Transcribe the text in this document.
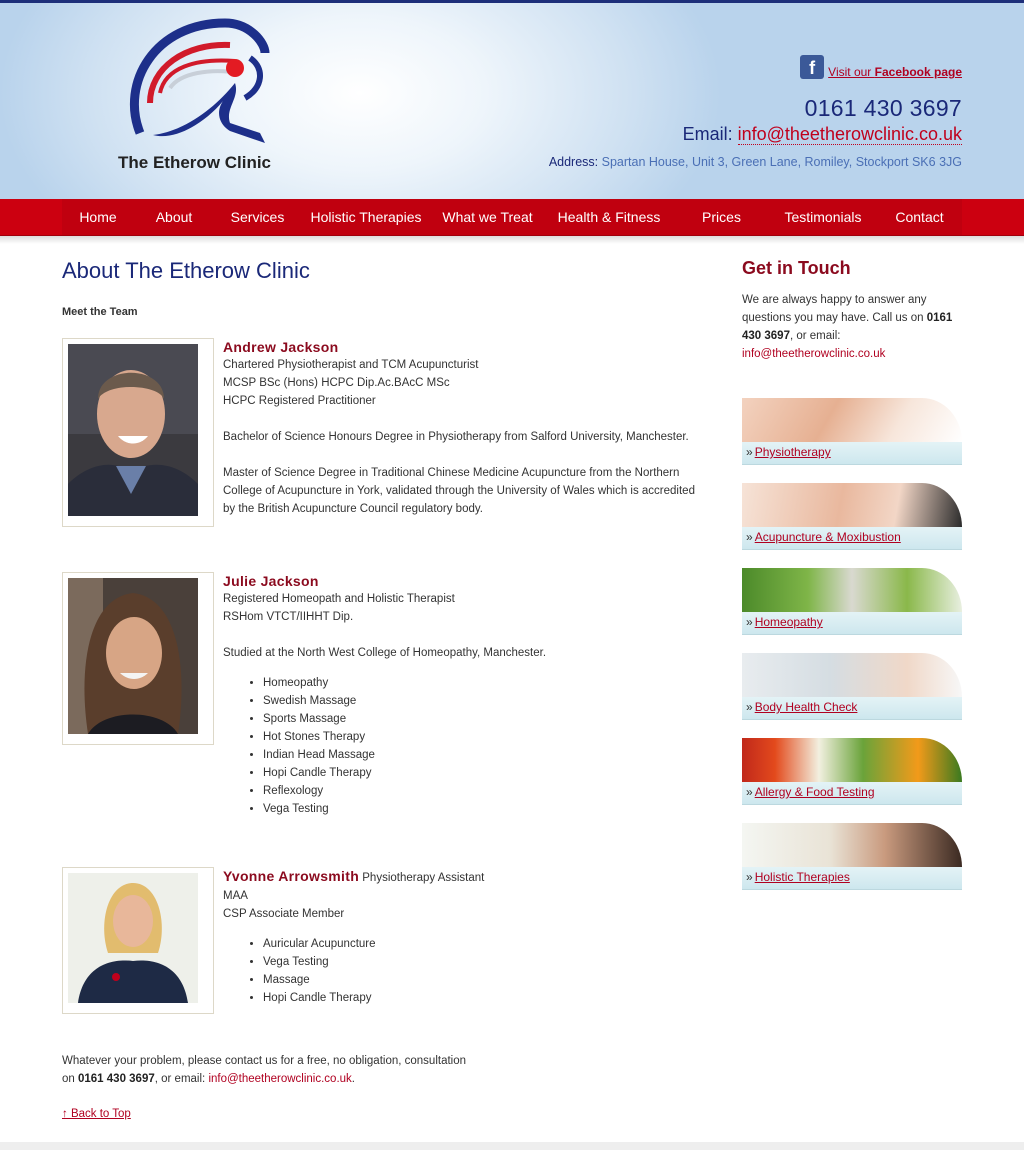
The Etherow Clinic
f	Visit our Facebook page
0161 430 3697
Email: info@theetherowclinic.co.uk
Address: Spartan House, Unit 3, Green Lane, Romiley, Stockport SK6 3JG
Home	About	Services	Holistic Therapies	What we Treat	Health & Fitness	Prices	Testimonials	Contact
About The Etherow Clinic
Meet the Team
Andrew Jackson

Chartered Physiotherapist and TCM Acupuncturist

MCSP BSc (Hons) HCPC Dip.Ac.BAcC MSc

HCPC Registered Practitioner

Bachelor of Science Honours Degree in Physiotherapy from Salford University, Manchester.

Master of Science Degree in Traditional Chinese Medicine Acupuncture from the Northern College of Acupuncture in York, validated through the University of Wales which is accredited by the British Acupuncture Council regulatory body.

Julie Jackson

Registered Homeopath and Holistic Therapist

RSHom VTCT/IIHHT Dip.

Studied at the North West College of Homeopathy, Manchester.

• Homeopathy
• Swedish Massage
• Sports Massage
• Hot Stones Therapy
• Indian Head Massage
• Hopi Candle Therapy
• Reflexology
• Vega Testing
Yvonne Arrowsmith Physiotherapy Assistant

MAA

CSP Associate Member

• Auricular Acupuncture
• Vega Testing
• Massage
• Hopi Candle Therapy
Whatever your problem, please contact us for a free, no obligation, consultation
on 0161 430 3697, or email: info@theetherowclinic.co.uk.
↑ Back to Top
Get in Touch
We are always happy to answer any questions you may have. Call us on 0161 430 3697, or email:
info@theetherowclinic.co.uk
» Physiotherapy
» Acupuncture & Moxibustion
» Homeopathy
» Body Health Check
» Allergy & Food Testing
» Holistic Therapies
